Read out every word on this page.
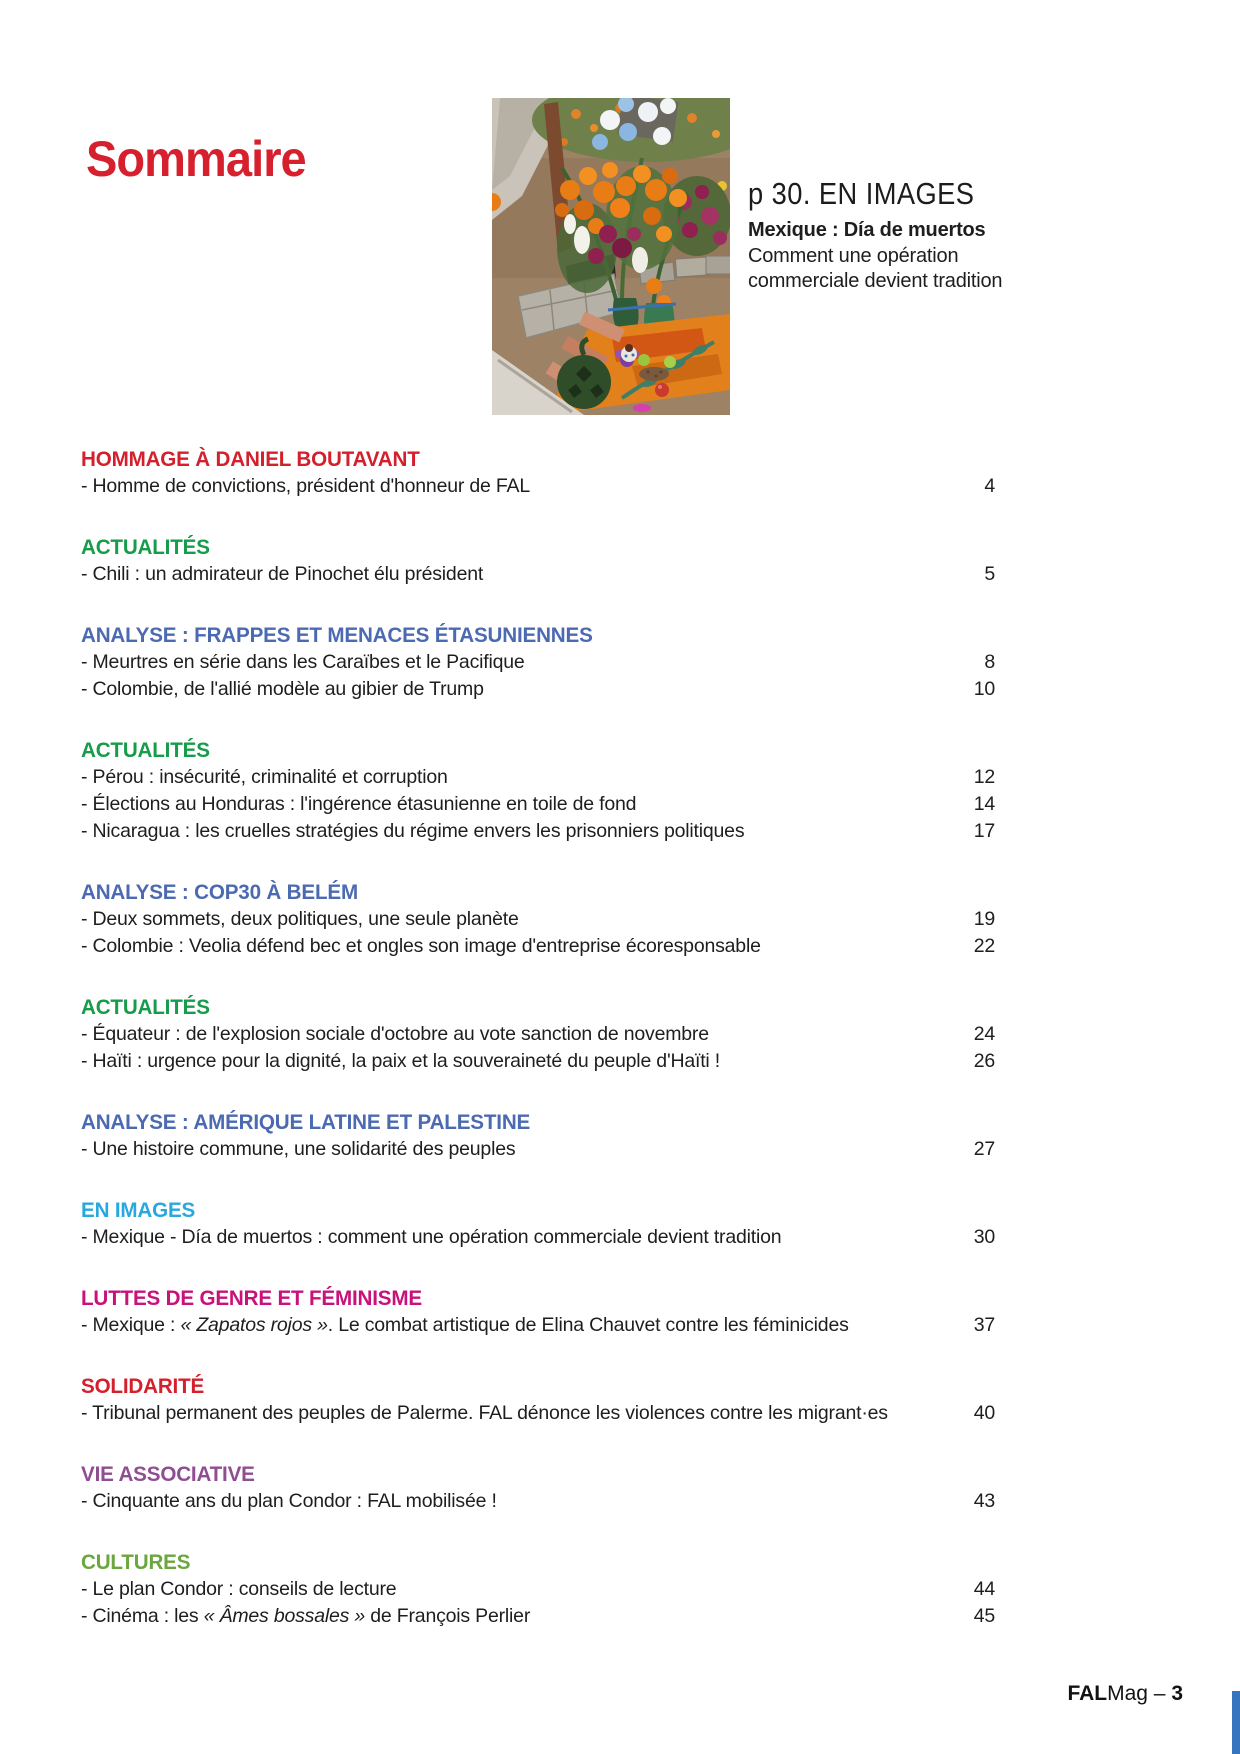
Sommaire
p 30. EN IMAGES
Mexique : Día de muertos
Comment une opération commerciale devient tradition
HOMMAGE À DANIEL BOUTAVANT
- Homme de convictions, président d'honneur de FAL	4
ACTUALITÉS
- Chili : un admirateur de Pinochet élu président	5
ANALYSE : FRAPPES ET MENACES ÉTASUNIENNES
- Meurtres en série dans les Caraïbes et le Pacifique	8
- Colombie, de l'allié modèle au gibier de Trump	10
ACTUALITÉS
- Pérou : insécurité, criminalité et corruption	12
- Élections au Honduras : l'ingérence étasunienne en toile de fond	14
- Nicaragua : les cruelles stratégies du régime envers les prisonniers politiques	17
ANALYSE : COP30 À BELÉM
- Deux sommets, deux politiques, une seule planète	19
- Colombie : Veolia défend bec et ongles son image d'entreprise écoresponsable	22
ACTUALITÉS
- Équateur : de l'explosion sociale d'octobre au vote sanction de novembre	24
- Haïti : urgence pour la dignité, la paix et la souveraineté du peuple d'Haïti !	26
ANALYSE : AMÉRIQUE LATINE ET PALESTINE
- Une histoire commune, une solidarité des peuples	27
EN IMAGES
- Mexique - Día de muertos : comment une opération commerciale devient tradition	30
LUTTES DE GENRE ET FÉMINISME
- Mexique : « Zapatos rojos ». Le combat artistique de Elina Chauvet contre les féminicides	37
SOLIDARITÉ
- Tribunal permanent des peuples de Palerme. FAL dénonce les violences contre les migrant·es	40
VIE ASSOCIATIVE
- Cinquante ans du plan Condor : FAL mobilisée !	43
CULTURES
- Le plan Condor : conseils de lecture	44
- Cinéma : les « Âmes bossales » de François Perlier	45
FALMag – 3
